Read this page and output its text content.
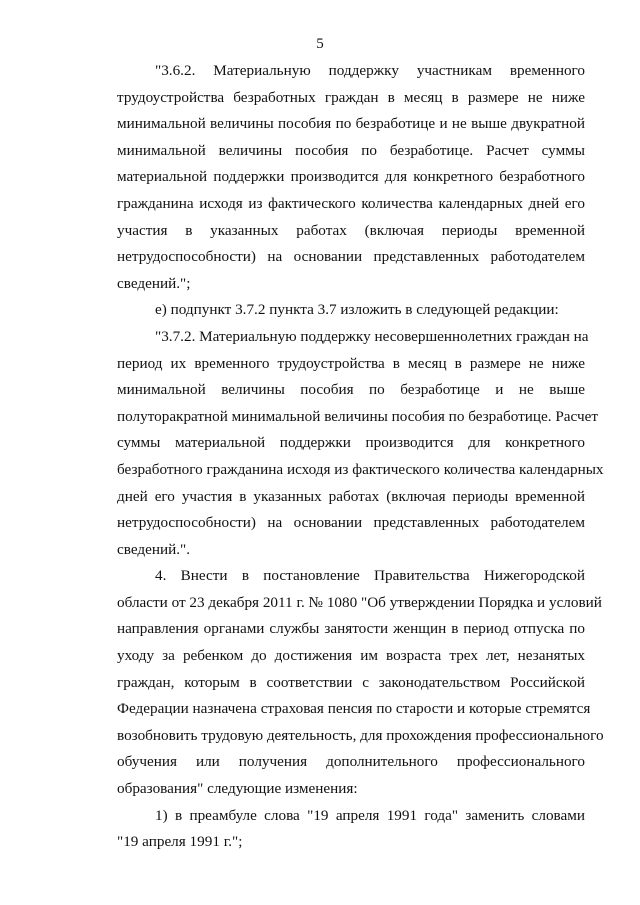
5
"3.6.2. Материальную поддержку участникам временного
трудоустройства безработных граждан в месяц в размере не ниже
минимальной величины пособия по безработице и не выше двукратной
минимальной величины пособия по безработице. Расчет суммы
материальной поддержки производится для конкретного безработного
гражданина исходя из фактического количества календарных дней его
участия в указанных работах (включая периоды временной
нетрудоспособности) на основании представленных работодателем
сведений.";
е) подпункт 3.7.2 пункта 3.7 изложить в следующей редакции:
"3.7.2. Материальную поддержку несовершеннолетних граждан на
период их временного трудоустройства в месяц в размере не ниже
минимальной величины пособия по безработице и не выше
полуторакратной минимальной величины пособия по безработице. Расчет
суммы материальной поддержки производится для конкретного
безработного гражданина исходя из фактического количества календарных
дней его участия в указанных работах (включая периоды временной
нетрудоспособности) на основании представленных работодателем
сведений.".
4. Внести в постановление Правительства Нижегородской
области от 23 декабря 2011 г. № 1080 "Об утверждении Порядка и условий
направления органами службы занятости женщин в период отпуска по
уходу за ребенком до достижения им возраста трех лет, незанятых
граждан, которым в соответствии с законодательством Российской
Федерации назначена страховая пенсия по старости и которые стремятся
возобновить трудовую деятельность, для прохождения профессионального
обучения или получения дополнительного профессионального
образования" следующие изменения:
1) в преамбуле слова "19 апреля 1991 года" заменить словами
"19 апреля 1991 г.";
